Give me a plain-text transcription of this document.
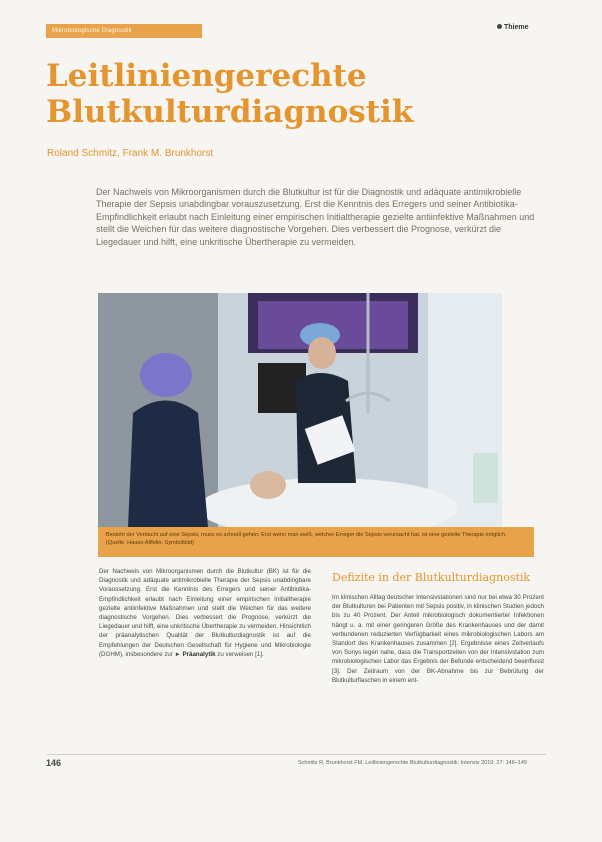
Mikrobiologische Diagnostik	Thieme
Leitliniengerechte
Blutkulturdiagnostik
Roland Schmitz, Frank M. Brunkhorst
Der Nachweis von Mikroorganismen durch die Blutkultur ist für die Diagnostik und adäquate antimikrobielle Therapie der Sepsis unabdingbar vorauszusetzung. Erst die Kenntnis des Erregers und seiner Antibiotika-Empfindlichkeit erlaubt nach Einleitung einer empirischen Initialtherapie gezielte antiinfektive Maßnahmen und stellt die Weichen für das weitere diagnostische Vorgehen. Dies verbessert die Prognose, verkürzt die Liegedauer und hilft, eine unkritische Übertherapie zu vermeiden.
Besteht der Verdacht auf eine Sepsis, muss es schnell gehen: Erst wenn man weiß, welcher Erreger die Sepsis verursacht hat, ist eine gezielte Therapie möglich. (Quelle: Hauss-Alffelin; Symbolbild)
Der Nachweis von Mikroorganismen durch die Blutkultur (BK) ist für die Diagnostik und adäquate antimikrobielle Therapie der Sepsis unabdingbare Voraussetzung. Erst die Kenntnis des Erregers und seiner Antibiotika-Empfindlichkeit erlaubt nach Einleitung einer empirischen Initialtherapie gezielte antiinfektive Maßnahmen und stellt die Weichen für das weitere diagnostische Vorgehen. Dies verbessert die Prognose, verkürzt die Liegedauer und hilft, eine unkritische Übertherapie zu vermeiden. Hinsichtlich der präanalytischen Qualität der Blutkulturdiagnostik ist auf die Empfehlungen der Deutschen Gesellschaft für Hygiene und Mikrobiologie (DGHM), insbesondere zur ► Präanalytik zu verweisen [1].
Defizite in der Blutkulturdiagnostik
Im klinischen Alltag deutscher Intensivstationen sind nur bei etwa 30 Prozent der Blutkulturen bei Patienten mit Sepsis positiv, in klinischen Studien jedoch bis zu 40 Prozent. Der Anteil mikrobiologisch dokumentierter Infektionen hängt u. a. mit einer geringeren Größe des Krankenhauses und der damit verbundenen reduzierten Verfügbarkeit eines mikrobiologischen Labors am Standort des Krankenhauses zusammen [2]. Ergebnisse eines Zeitverlaufs von Sonys legen nahe, dass die Transportzeiten von der Intensivstation zum mikrobiologischen Labor das Ergebnis der Befunde entscheidend beeinflusst [3]. Der Zeitraum von der BK-Abnahme bis zur Bebrütung der Blutkulturflaschen in einem ent-
146	Schmitz R, Brunkhorst FM. Leitliniengerechte Blutkulturdiagnostik. Intensiv 2019; 27: 146–149
